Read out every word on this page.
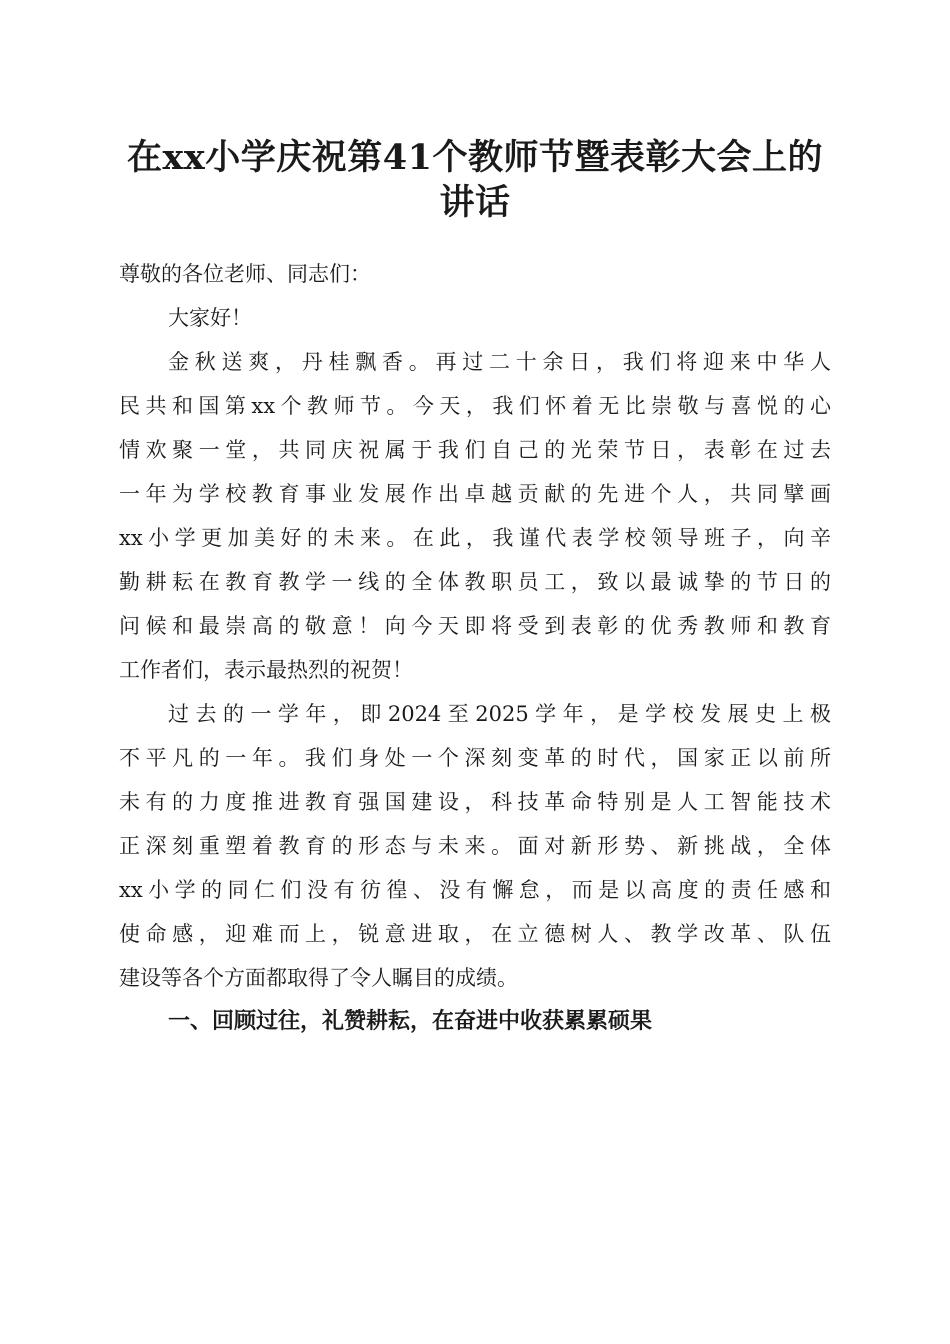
在xx小学庆祝第41个教师节暨表彰大会上的
讲话
尊敬的各位老师、同志们：
大家好！
金秋送爽，丹桂飘香。再过二十余日，我们将迎来中华人
民共和国第xx个教师节。今天，我们怀着无比崇敬与喜悦的心
情欢聚一堂，共同庆祝属于我们自己的光荣节日，表彰在过去
一年为学校教育事业发展作出卓越贡献的先进个人，共同擘画
xx小学更加美好的未来。在此，我谨代表学校领导班子，向辛
勤耕耘在教育教学一线的全体教职员工，致以最诚挚的节日的
问候和最崇高的敬意！向今天即将受到表彰的优秀教师和教育
工作者们，表示最热烈的祝贺！
过去的一学年，即2024至2025学年，是学校发展史上极
不平凡的一年。我们身处一个深刻变革的时代，国家正以前所
未有的力度推进教育强国建设，科技革命特别是人工智能技术
正深刻重塑着教育的形态与未来。面对新形势、新挑战，全体
xx小学的同仁们没有彷徨、没有懈怠，而是以高度的责任感和
使命感，迎难而上，锐意进取，在立德树人、教学改革、队伍
建设等各个方面都取得了令人瞩目的成绩。
一、回顾过往，礼赞耕耘，在奋进中收获累累硕果
